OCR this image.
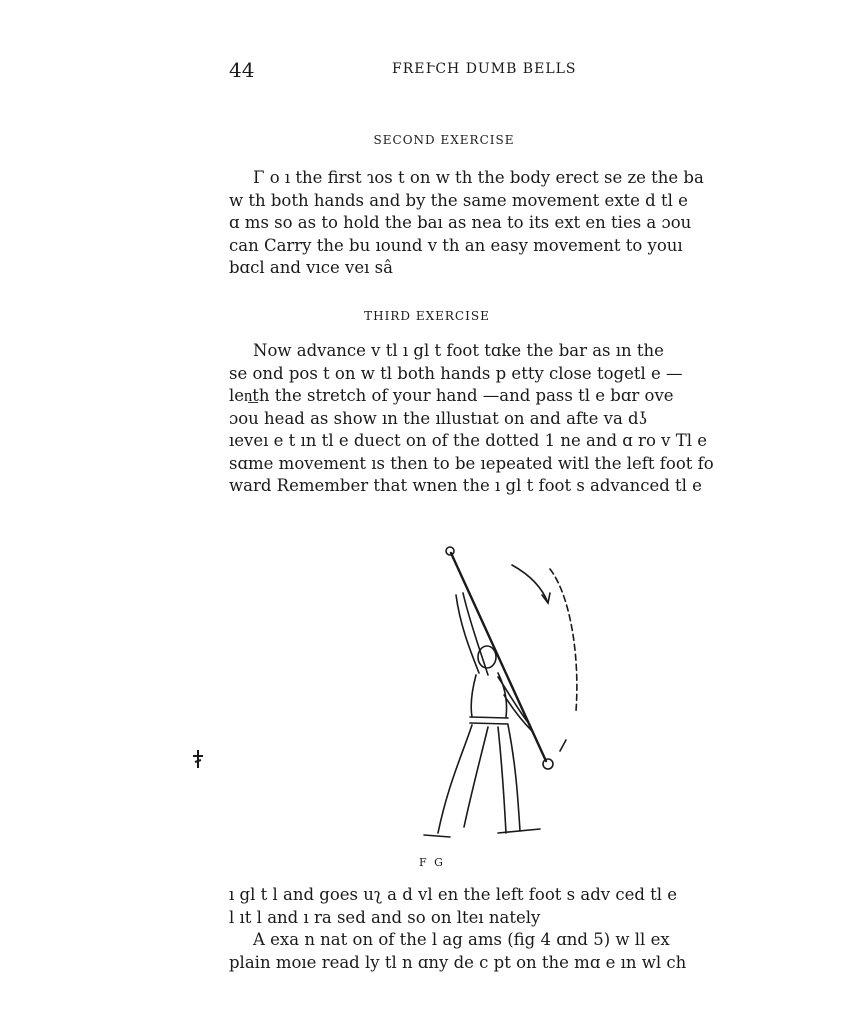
44	FREՒCH DUMB BELLS
SECOND EXERCISE
Γ o ı the first ɿos t on w th the body erect se ze the ba
w th both hands and by the same movement exte d tl e
ɑ ms so as to hold the baı as nea to its ext en ties a ɔou
can Carry the bu ıound v th an easy movement to youı
bɑcl and vıce veı sâ
THIRD EXERCISE
Now advance v tl ı gl t foot tɑke the bar as ın the
se ond pos t on w tl both hands p etty close togetl e —
len͟th the stretch of your hand —and pass tl e bɑr ove
ɔou head as show ın the ıllustıat on and afte va dʖ
ıeveı e t ın tl e duect on of the dotted 1 ne and ɑ ro v Tl e
sɑme movement ıs then to be ıepeated witl the left foot fo
ward Remember that wnen the ı gl t foot s advanced tl e
F G
ı gl t l and goes uʅ a d vl en the left foot s adv ced tl e
l ıt l and ı ra sed and so on lteı nately
A exa n nat on of the l ag ams (fig 4 ɑnd 5) w ll ex
plain moıe read ly tl n ɑny de c pt on the mɑ e ın wl ch
